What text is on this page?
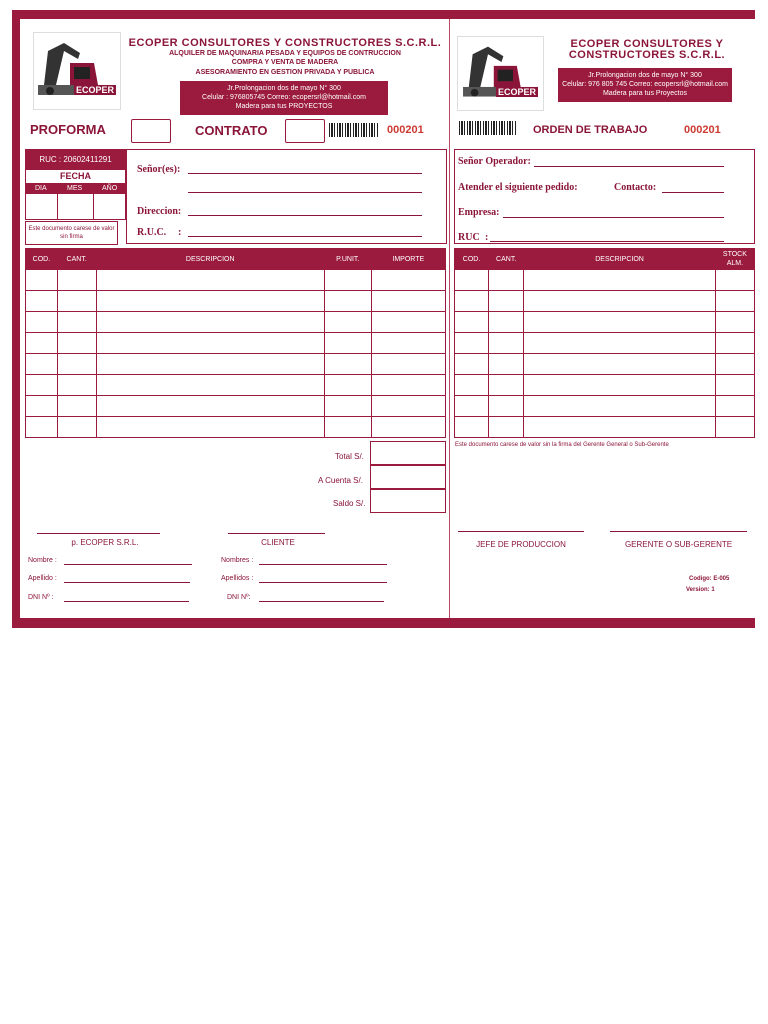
ECOPER
ECOPER CONSULTORES Y CONSTRUCTORES S.C.R.L.
ALQUILER DE MAQUINARIA PESADA Y EQUIPOS DE CONTRUCCION
COMPRA Y VENTA DE MADERA
ASESORAMIENTO EN GESTION PRIVADA Y PUBLICA
Jr.Prolongacion dos de mayo N° 300
Celular : 976805745 Correo: ecopersrl@hotmail.com
Madera para tus PROYECTOS
PROFORMA	CONTRATO	000201
RUC : 20602411291
FECHA
DIA	MES	AÑO
Este documento carese de valor sin firma
Señor(es):
Direccion:
R.U.C. :
COD.	CANT.	DESCRIPCION	P.UNIT.	IMPORTE

Total S/.
A Cuenta S/.
Saldo S/.
p. ECOPER S.R.L.	CLIENTE
Nombre :
Apellido :
DNI Nº :
Nombres :
Apellidos :
DNI Nº:
ECOPER
ECOPER CONSULTORES Y
CONSTRUCTORES S.C.R.L.
Jr.Prolongacion dos de mayo N° 300
Celular: 976 805 745 Correo: ecopersrl@hotmail.com
Madera para tus Proyectos
ORDEN DE TRABAJO	000201
Señor Operador:
Atender el siguiente pedido:	Contacto:
Empresa:
RUC :
COD.	CANT.	DESCRIPCION	STOCK ALM.

Este documento carese de valor sin la firma del Gerente General o Sub-Gerente
JEFE DE PRODUCCION	GERENTE O SUB-GERENTE
Codigo: E-005
Version: 1
